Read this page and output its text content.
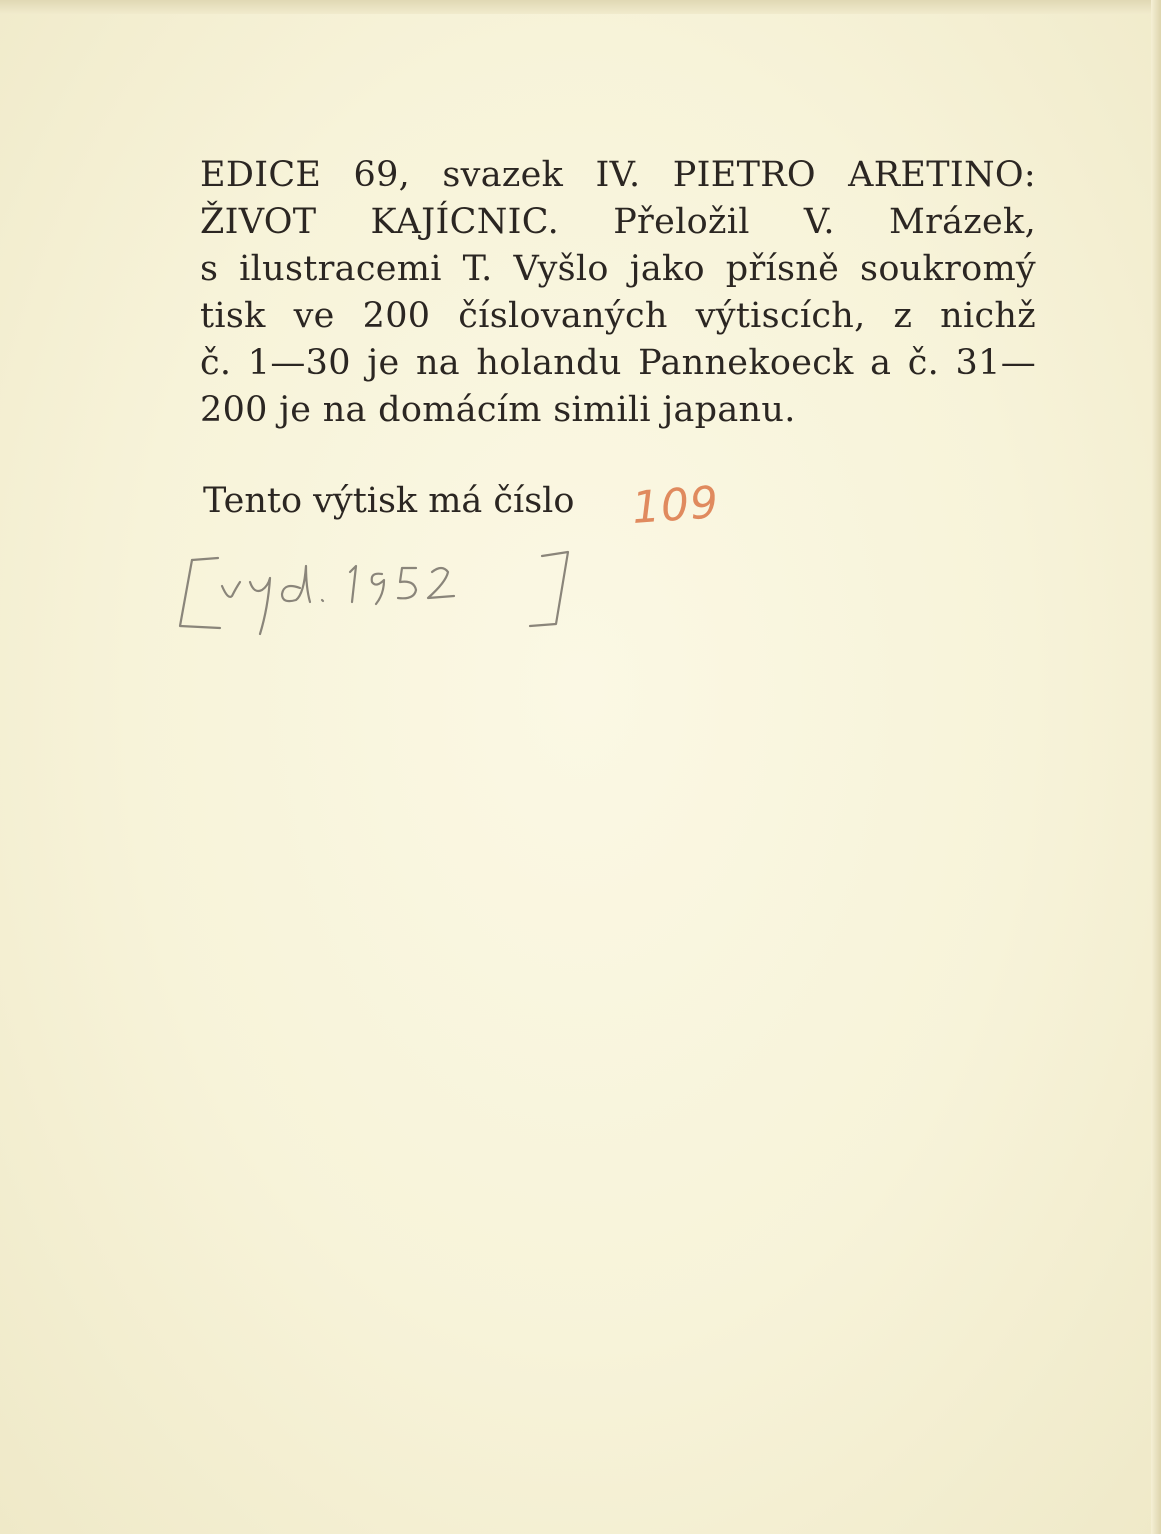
EDICE 69, svazek IV. PIETRO ARETINO:
ŽIVOT KAJÍCNIC. Přeložil V. Mrázek,
s ilustracemi T. Vyšlo jako přísně soukromý
tisk ve 200 číslovaných výtiscích, z nichž
č. 1—30 je na holandu Pannekoeck a č. 31—
200 je na domácím simili japanu.
Tento výtisk má číslo 109
